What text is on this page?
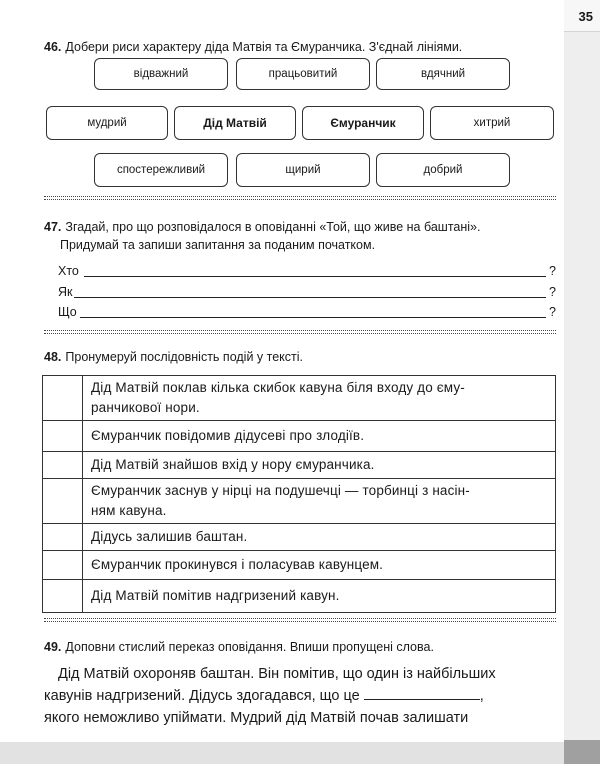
35
46. Добери риси характеру діда Матвія та Ємуранчика. З'єднай лініями.
відважний	працьовитий	вдячний
мудрий	Дід Матвій	Ємуранчик	хитрий
спостережливий	щирий	добрий
47. Згадай, про що розповідалося в оповіданні «Той, що живе на баштані».
Придумай та запиши запитання за поданим початком.
Хто	?
Як	?
Що	?
48. Пронумеруй послідовність подій у тексті.

	Дід Матвій поклав кілька скибок кавуна біля входу до єму-
ранчикової нори.

	Ємуранчик повідомив дідусеві про злодіїв.

	Дід Матвій знайшов вхід у нору ємуранчика.

	Ємуранчик заснув у нірці на подушечці — торбинці з насін-
ням кавуна.

	Дідусь залишив баштан.

	Ємуранчик прокинувся і поласував кавунцем.

	Дід Матвій помітив надгризений кавун.
49. Доповни стислий переказ оповідання. Впиши пропущені слова.
Дід Матвій охороняв баштан. Він помітив, що один із найбільших
кавунів надгризений. Дідусь здогадався, що це	,
якого неможливо упіймати. Мудрий дід Матвій почав залишати
